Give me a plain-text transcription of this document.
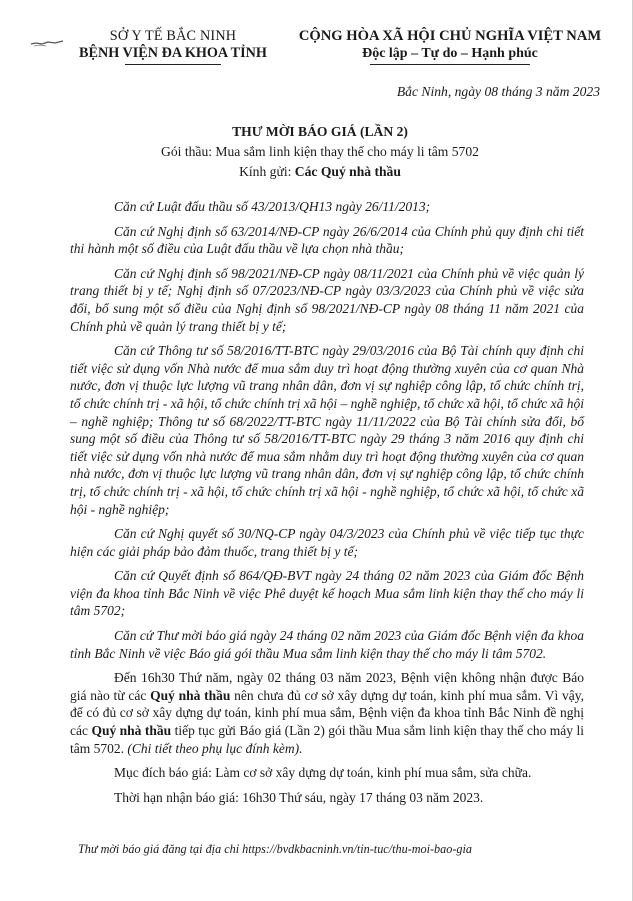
SỞ Y TẾ BẮC NINH
BỆNH VIỆN ĐA KHOA TỈNH
CỘNG HÒA XÃ HỘI CHỦ NGHĨA VIỆT NAM
Độc lập – Tự do – Hạnh phúc
Bắc Ninh, ngày 08 tháng 3 năm 2023
THƯ MỜI BÁO GIÁ (LẦN 2)
Gói thầu: Mua sắm linh kiện thay thế cho máy li tâm 5702
Kính gửi: Các Quý nhà thầu

Căn cứ Luật đấu thầu số 43/2013/QH13 ngày 26/11/2013;

Căn cứ Nghị định số 63/2014/NĐ-CP ngày 26/6/2014 của Chính phủ quy định chi tiết thi hành một số điều của Luật đấu thầu về lựa chọn nhà thầu;

Căn cứ Nghị định số 98/2021/NĐ-CP ngày 08/11/2021 của Chính phủ về việc quản lý trang thiết bị y tế; Nghị định số 07/2023/NĐ-CP ngày 03/3/2023 của Chính phủ về việc sửa đổi, bổ sung một số điều của Nghị định số 98/2021/NĐ-CP ngày 08 tháng 11 năm 2021 của Chính phủ về quản lý trang thiết bị y tế;

Căn cứ Thông tư số 58/2016/TT-BTC ngày 29/03/2016 của Bộ Tài chính quy định chi tiết việc sử dụng vốn Nhà nước để mua sắm duy trì hoạt động thường xuyên của cơ quan Nhà nước, đơn vị thuộc lực lượng vũ trang nhân dân, đơn vị sự nghiệp công lập, tổ chức chính trị, tổ chức chính trị - xã hội, tổ chức chính trị xã hội – nghề nghiệp, tổ chức xã hội, tổ chức xã hội – nghề nghiệp; Thông tư số 68/2022/TT-BTC ngày 11/11/2022 của Bộ Tài chính sửa đổi, bổ sung một số điều của Thông tư số 58/2016/TT-BTC ngày 29 tháng 3 năm 2016 quy định chi tiết việc sử dụng vốn nhà nước để mua sắm nhằm duy trì hoạt động thường xuyên của cơ quan nhà nước, đơn vị thuộc lực lượng vũ trang nhân dân, đơn vị sự nghiệp công lập, tổ chức chính trị, tổ chức chính trị - xã hội, tổ chức chính trị xã hội - nghề nghiệp, tổ chức xã hội, tổ chức xã hội - nghề nghiệp;

Căn cứ Nghị quyết số 30/NQ-CP ngày 04/3/2023 của Chính phủ về việc tiếp tục thực hiện các giải pháp bảo đảm thuốc, trang thiết bị y tế;

Căn cứ Quyết định số 864/QĐ-BVT ngày 24 tháng 02 năm 2023 của Giám đốc Bệnh viện đa khoa tỉnh Bắc Ninh về việc Phê duyệt kế hoạch Mua sắm linh kiện thay thế cho máy li tâm 5702;

Căn cứ Thư mời báo giá ngày 24 tháng 02 năm 2023 của Giám đốc Bệnh viện đa khoa tỉnh Bắc Ninh về việc Báo giá gói thầu Mua sắm linh kiện thay thế cho máy li tâm 5702.

Đến 16h30 Thứ năm, ngày 02 tháng 03 năm 2023, Bệnh viện không nhận được Báo giá nào từ các Quý nhà thầu nên chưa đủ cơ sở xây dựng dự toán, kinh phí mua sắm. Vì vậy, để có đủ cơ sở xây dựng dự toán, kinh phí mua sắm, Bệnh viện đa khoa tỉnh Bắc Ninh đề nghị các Quý nhà thầu tiếp tục gửi Báo giá (Lần 2) gói thầu Mua sắm linh kiện thay thế cho máy li tâm 5702. (Chi tiết theo phụ lục đính kèm).

Mục đích báo giá: Làm cơ sở xây dựng dự toán, kinh phí mua sắm, sửa chữa.

Thời hạn nhận báo giá: 16h30 Thứ sáu, ngày 17 tháng 03 năm 2023.

Thư mời báo giá đăng tại địa chỉ https://bvdkbacninh.vn/tin-tuc/thu-moi-bao-gia
